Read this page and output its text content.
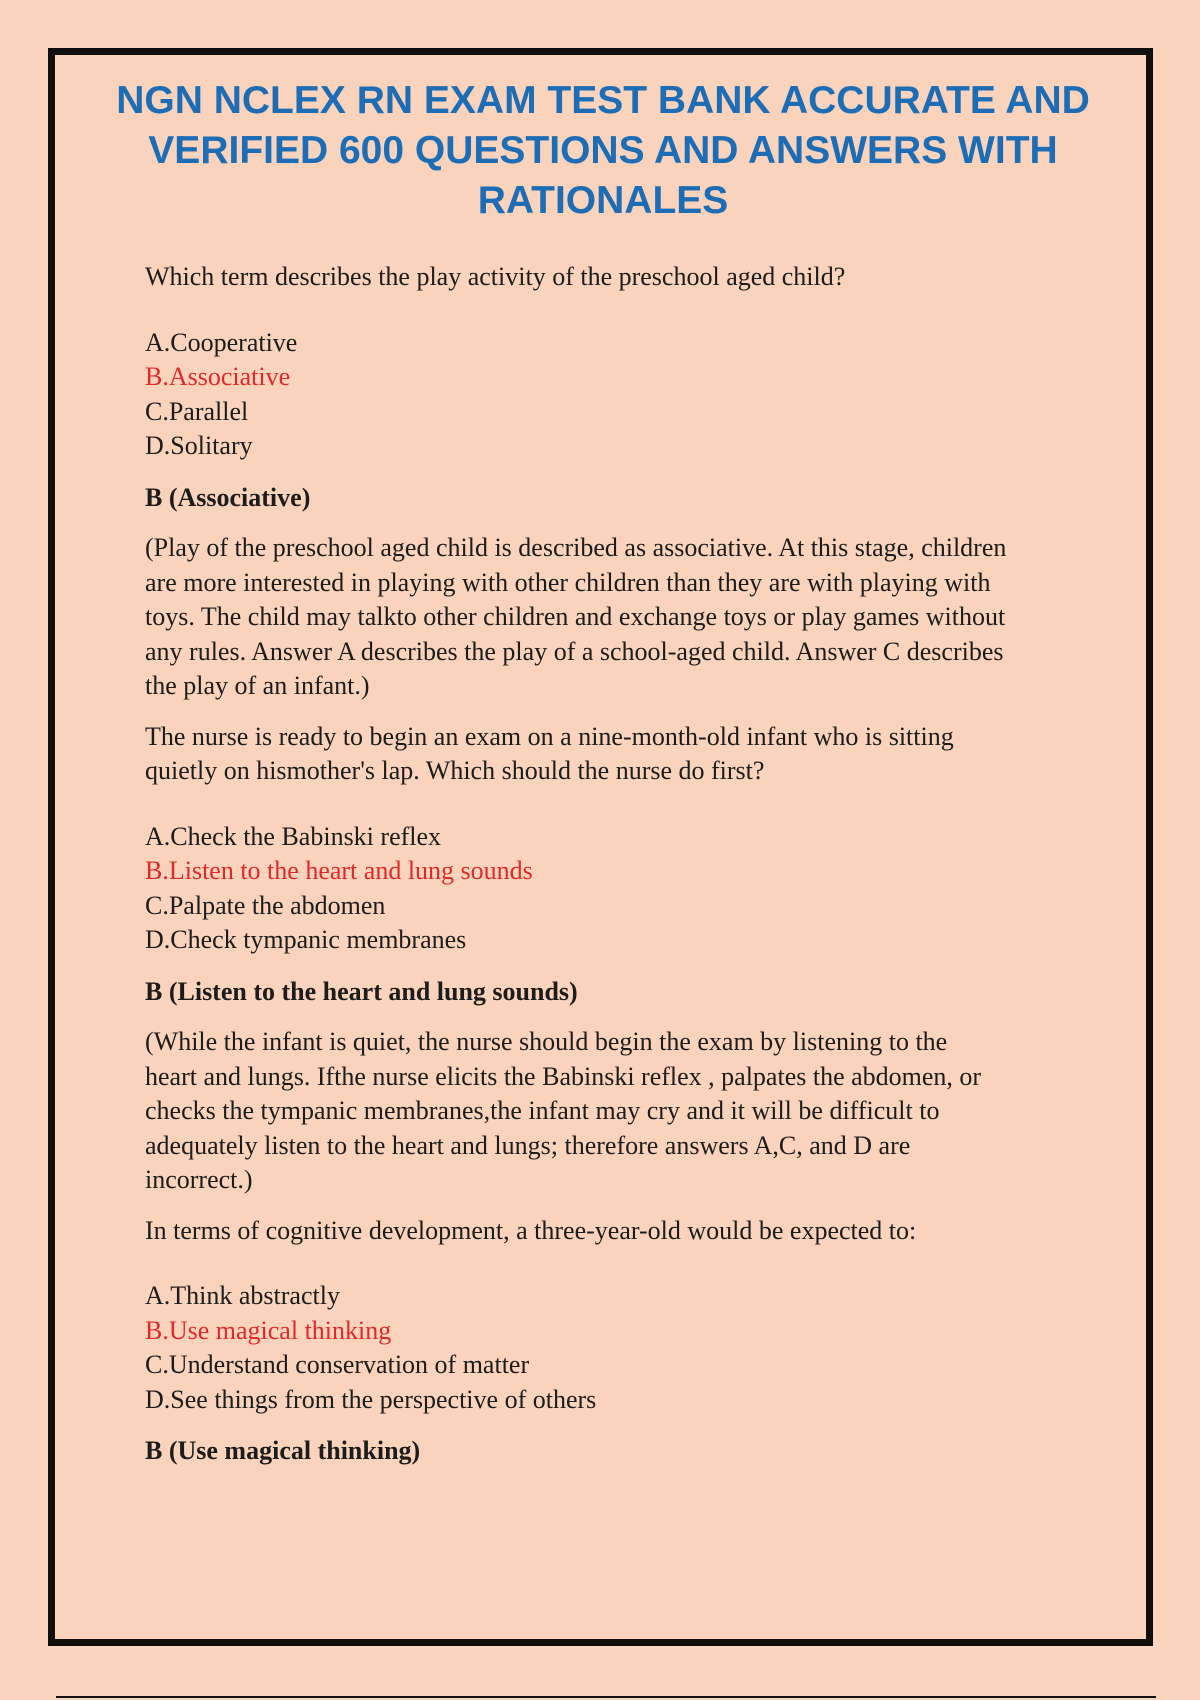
NGN NCLEX RN EXAM TEST BANK ACCURATE AND
VERIFIED 600 QUESTIONS AND ANSWERS WITH
RATIONALES

Which term describes the play activity of the preschool aged child?

A.Cooperative
B.Associative
C.Parallel
D.Solitary

B (Associative)

(Play of the preschool aged child is described as associative. At this stage, children
are more interested in playing with other children than they are with playing with
toys. The child may talkto other children and exchange toys or play games without
any rules. Answer A describes the play of a school-aged child. Answer C describes
the play of an infant.)

The nurse is ready to begin an exam on a nine-month-old infant who is sitting
quietly on hismother's lap. Which should the nurse do first?

A.Check the Babinski reflex
B.Listen to the heart and lung sounds
C.Palpate the abdomen
D.Check tympanic membranes

B (Listen to the heart and lung sounds)

(While the infant is quiet, the nurse should begin the exam by listening to the
heart and lungs. Ifthe nurse elicits the Babinski reflex , palpates the abdomen, or
checks the tympanic membranes,the infant may cry and it will be difficult to
adequately listen to the heart and lungs; therefore answers A,C, and D are
incorrect.)

In terms of cognitive development, a three-year-old would be expected to:

A.Think abstractly
B.Use magical thinking
C.Understand conservation of matter
D.See things from the perspective of others

B (Use magical thinking)
